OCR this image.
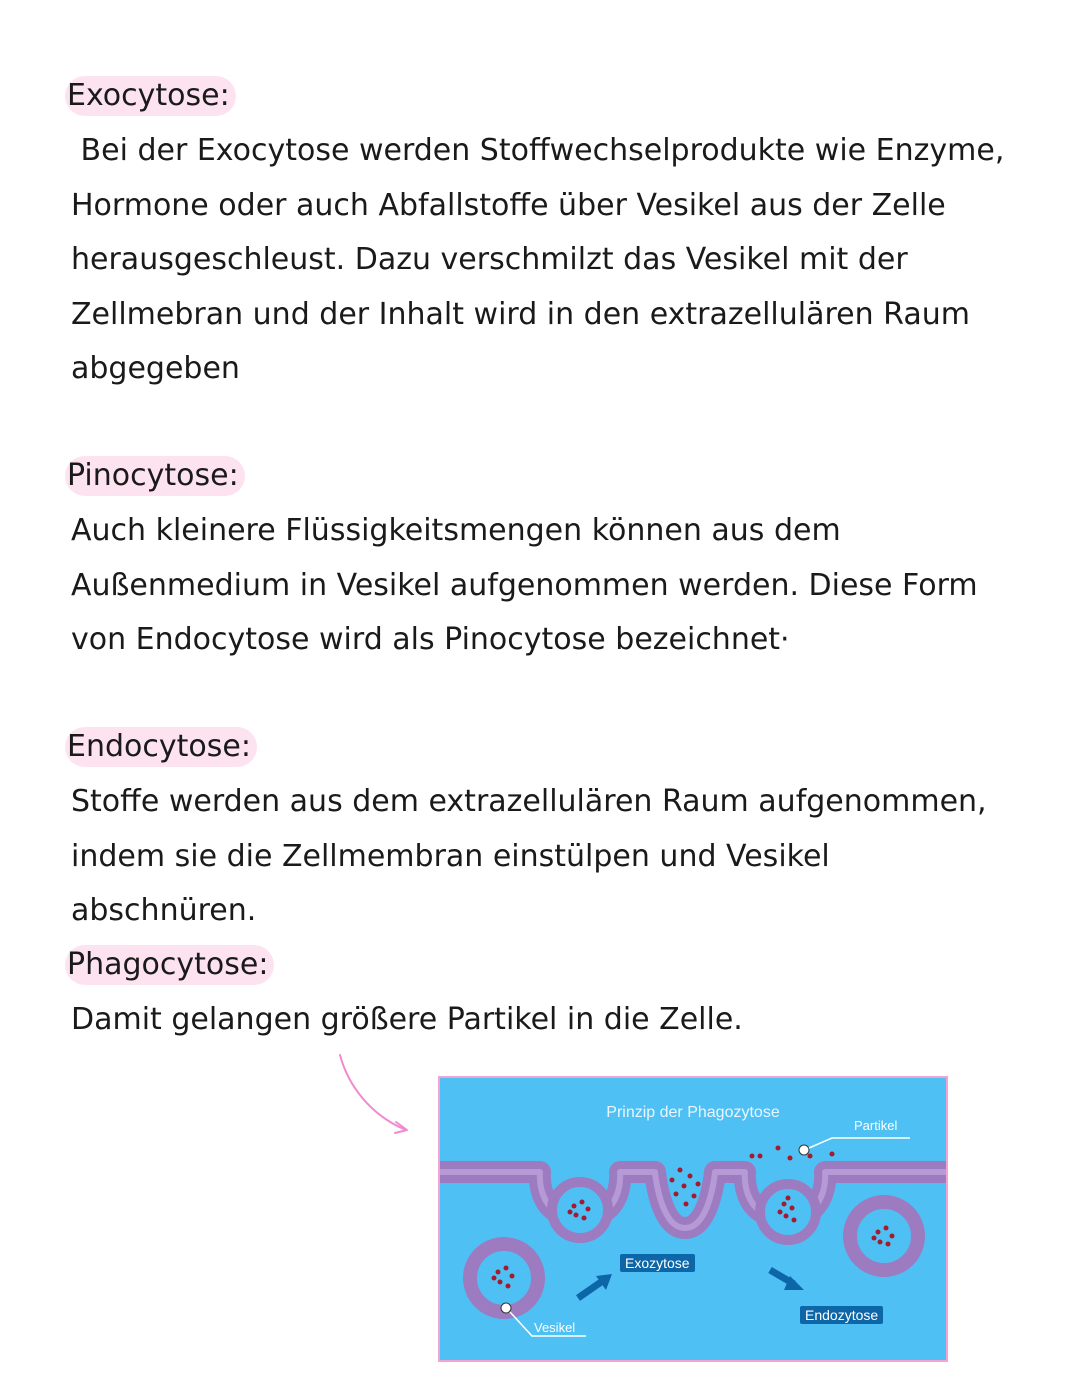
Exocytose:
Bei der Exocytose werden Stoffwechselprodukte wie Enzyme,
Hormone oder auch Abfallstoffe über Vesikel aus der Zelle
herausgeschleust. Dazu verschmilzt das Vesikel mit der
Zellmebran und der Inhalt wird in den extrazellulären Raum
abgegeben
Pinocytose:
Auch kleinere Flüssigkeitsmengen können aus dem
Außenmedium in Vesikel aufgenommen werden. Diese Form
von Endocytose wird als Pinocytose bezeichnet·
Endocytose:
Stoffe werden aus dem extrazellulären Raum aufgenommen,
indem sie die Zellmembran einstülpen und Vesikel abschnüren.
Phagocytose:
Damit gelangen größere Partikel in die Zelle.
Prinzip der Phagozytose
Partikel
Vesikel
Exozytose
Endozytose
